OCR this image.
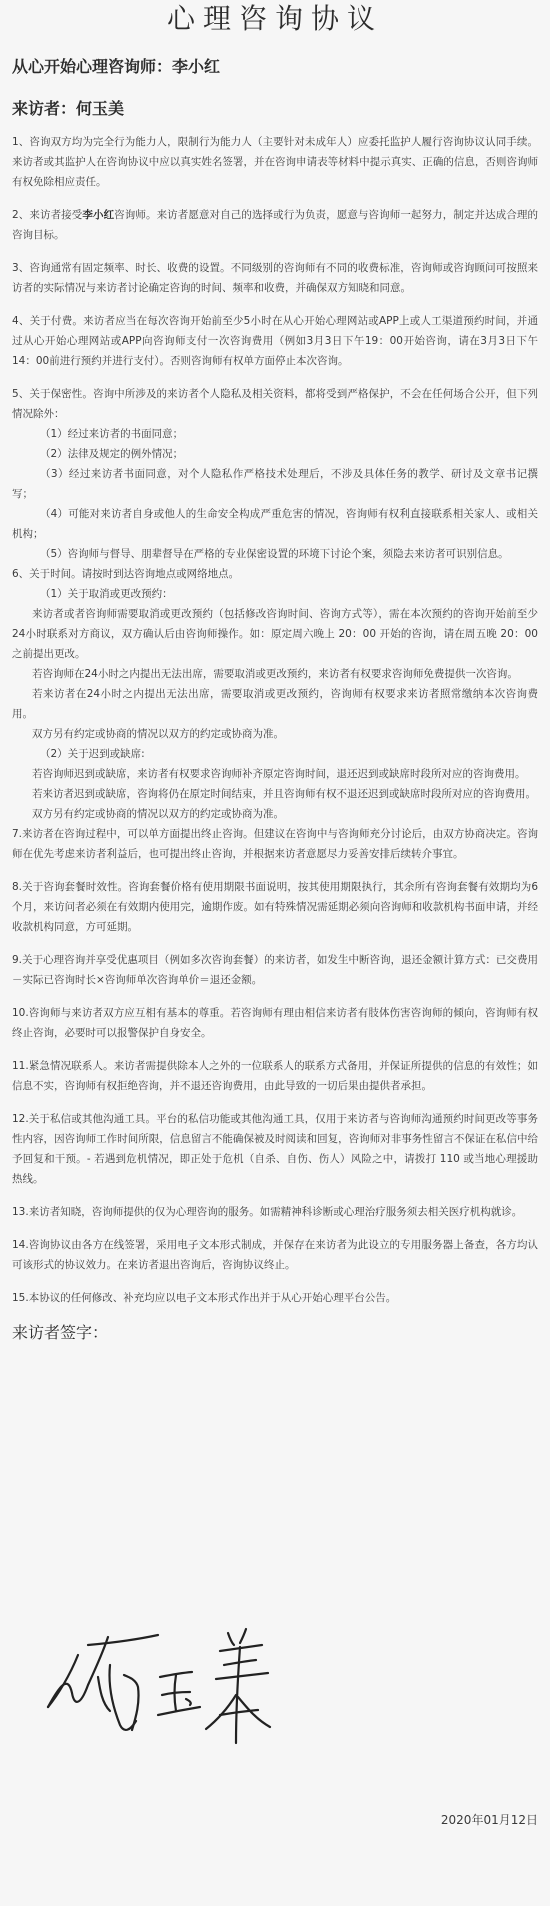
心理咨询协议
从心开始心理咨询师：李小红
来访者：何玉美

1、咨询双方均为完全行为能力人，限制行为能力人（主要针对未成年人）应委托监护人履行咨询协议认同手续。来访者或其监护人在咨询协议中应以真实姓名签署，并在咨询申请表等材料中提示真实、正确的信息，否则咨询师有权免除相应责任。

2、来访者接受李小红咨询师。来访者愿意对自己的选择或行为负责，愿意与咨询师一起努力，制定并达成合理的咨询目标。

3、咨询通常有固定频率、时长、收费的设置。不同级别的咨询师有不同的收费标准，咨询师或咨询顾问可按照来访者的实际情况与来访者讨论确定咨询的时间、频率和收费，并确保双方知晓和同意。

4、关于付费。来访者应当在每次咨询开始前至少5小时在从心开始心理网站或APP上或人工渠道预约时间，并通过从心开始心理网站或APP向咨询师支付一次咨询费用（例如3月3日下午19：00开始咨询，请在3月3日下午14：00前进行预约并进行支付）。否则咨询师有权单方面停止本次咨询。

5、关于保密性。咨询中所涉及的来访者个人隐私及相关资料，都将受到严格保护，不会在任何场合公开，但下列情况除外：

（1）经过来访者的书面同意；

（2）法律及规定的例外情况；

（3）经过来访者书面同意，对个人隐私作严格技术处理后，不涉及具体任务的教学、研讨及文章书记撰写；

（4）可能对来访者自身或他人的生命安全构成严重危害的情况，咨询师有权利直接联系相关家人、或相关机构；

（5）咨询师与督导、朋辈督导在严格的专业保密设置的环境下讨论个案，须隐去来访者可识别信息。

6、关于时间。请按时到达咨询地点或网络地点。

（1）关于取消或更改预约：

来访者或者咨询师需要取消或更改预约（包括修改咨询时间、咨询方式等），需在本次预约的咨询开始前至少24小时联系对方商议，双方确认后由咨询师操作。如：原定周六晚上 20：00 开始的咨询，请在周五晚 20：00 之前提出更改。

若咨询师在24小时之内提出无法出席，需要取消或更改预约，来访者有权要求咨询师免费提供一次咨询。

若来访者在24小时之内提出无法出席，需要取消或更改预约，咨询师有权要求来访者照常缴纳本次咨询费用。

双方另有约定或协商的情况以双方的约定或协商为准。

（2）关于迟到或缺席:

若咨询师迟到或缺席，来访者有权要求咨询师补齐原定咨询时间，退还迟到或缺席时段所对应的咨询费用。

若来访者迟到或缺席，咨询将仍在原定时间结束，并且咨询师有权不退还迟到或缺席时段所对应的咨询费用。

双方另有约定或协商的情况以双方的约定或协商为准。

7.来访者在咨询过程中，可以单方面提出终止咨询。但建议在咨询中与咨询师充分讨论后，由双方协商决定。咨询师在优先考虑来访者利益后，也可提出终止咨询，并根据来访者意愿尽力妥善安排后续转介事宜。

8.关于咨询套餐时效性。咨询套餐价格有使用期限书面说明，按其使用期限执行，其余所有咨询套餐有效期均为6个月，来访问者必须在有效期内使用完，逾期作废。如有特殊情况需延期必须向咨询师和收款机构书面申请，并经收款机构同意，方可延期。

9.关于心理咨询并享受优惠项目（例如多次咨询套餐）的来访者，如发生中断咨询，退还金额计算方式：已交费用－实际已咨询时长×咨询师单次咨询单价＝退还金额。

10.咨询师与来访者双方应互相有基本的尊重。若咨询师有理由相信来访者有肢体伤害咨询师的倾向，咨询师有权终止咨询，必要时可以报警保护自身安全。

11.紧急情况联系人。来访者需提供除本人之外的一位联系人的联系方式备用，并保证所提供的信息的有效性；如信息不实，咨询师有权拒绝咨询，并不退还咨询费用，由此导致的一切后果由提供者承担。

12.关于私信或其他沟通工具。平台的私信功能或其他沟通工具，仅用于来访者与咨询师沟通预约时间更改等事务性内容，因咨询师工作时间所限，信息留言不能确保被及时阅读和回复，咨询师对非事务性留言不保证在私信中给予回复和干预。- 若遇到危机情况，即正处于危机（自杀、自伤、伤人）风险之中，请拨打 110 或当地心理援助热线。

13.来访者知晓，咨询师提供的仅为心理咨询的服务。如需精神科诊断或心理治疗服务须去相关医疗机构就诊。

14.咨询协议由各方在线签署，采用电子文本形式制成，并保存在来访者为此设立的专用服务器上备查，各方均认可该形式的协议效力。在来访者退出咨询后，咨询协议终止。

15.本协议的任何修改、补充均应以电子文本形式作出并于从心开始心理平台公告。

来访者签字：
2020年01月12日
